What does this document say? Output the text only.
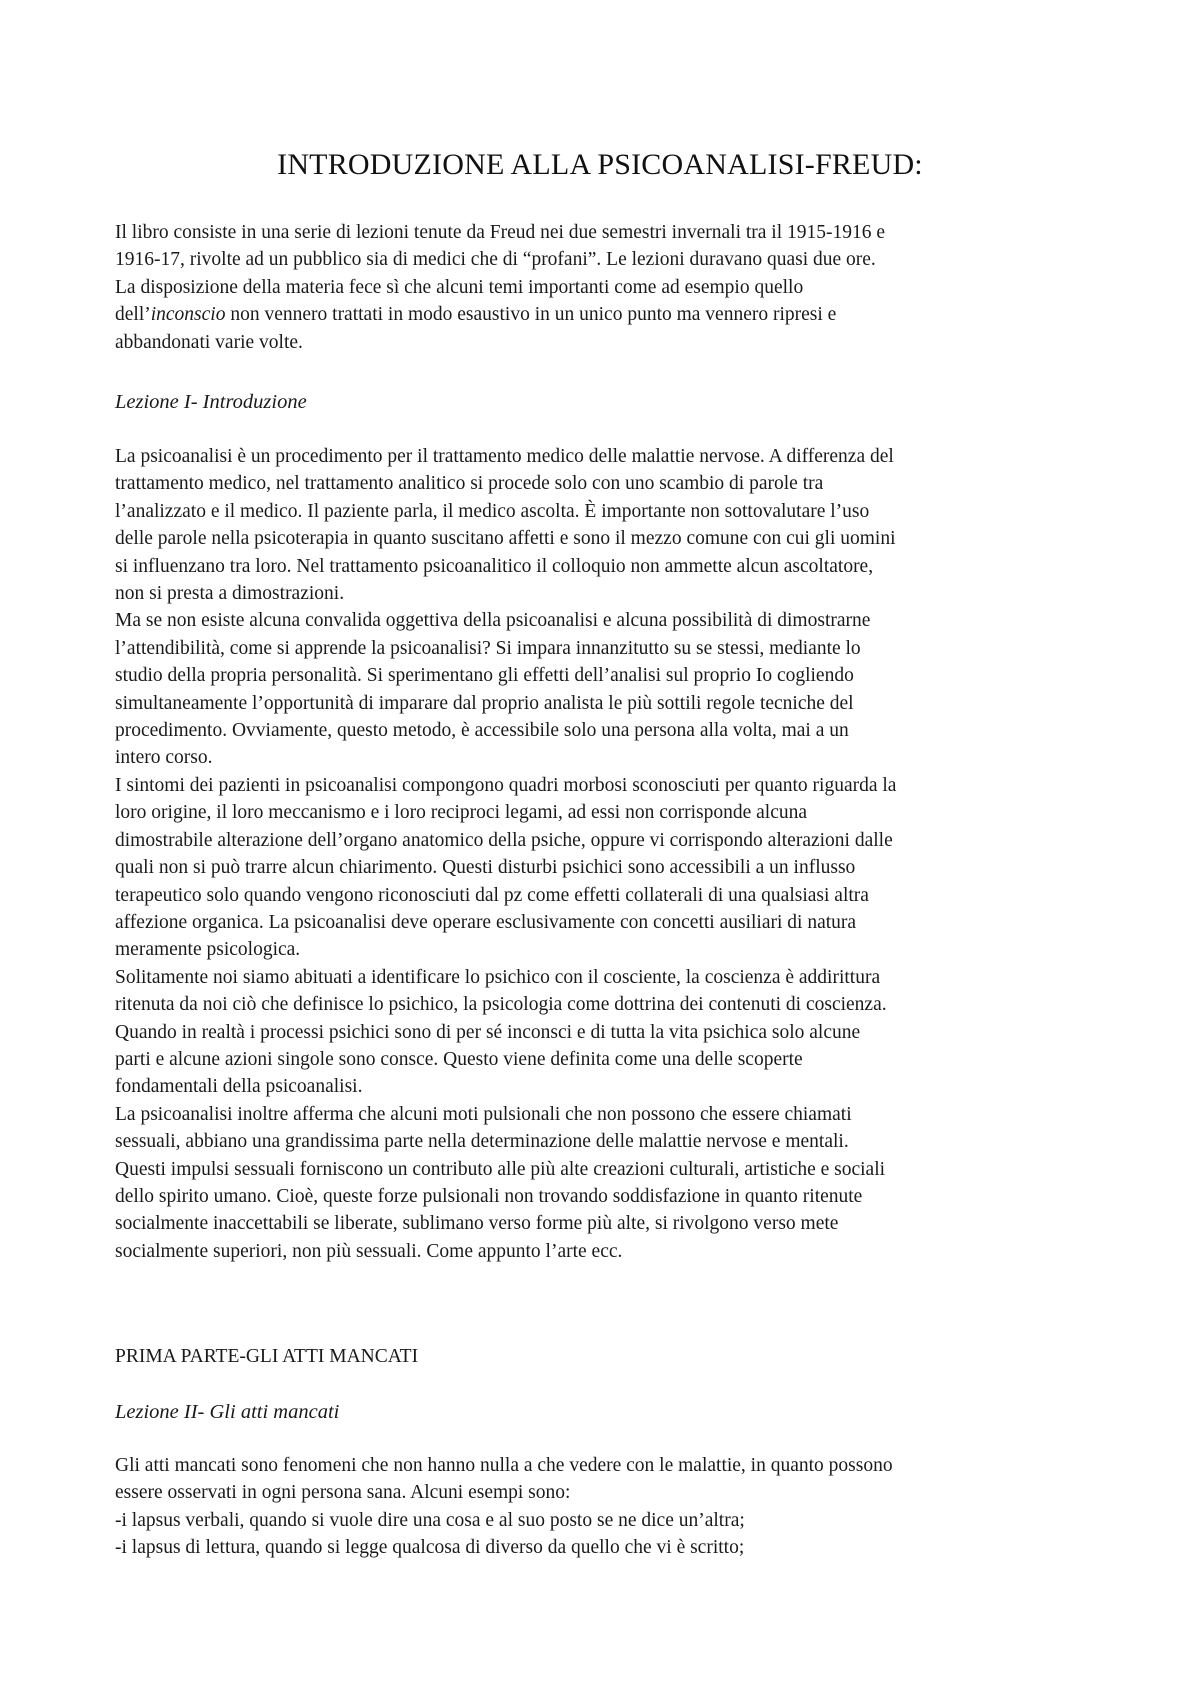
INTRODUZIONE ALLA PSICOANALISI-FREUD:
Il libro consiste in una serie di lezioni tenute da Freud nei due semestri invernali tra il 1915-1916 e
1916-17, rivolte ad un pubblico sia di medici che di “profani”. Le lezioni duravano quasi due ore.
La disposizione della materia fece sì che alcuni temi importanti come ad esempio quello
dell’inconscio non vennero trattati in modo esaustivo in un unico punto ma vennero ripresi e
abbandonati varie volte.
Lezione I- Introduzione
La psicoanalisi è un procedimento per il trattamento medico delle malattie nervose. A differenza del
trattamento medico, nel trattamento analitico si procede solo con uno scambio di parole tra
l’analizzato e il medico. Il paziente parla, il medico ascolta. È importante non sottovalutare l’uso
delle parole nella psicoterapia in quanto suscitano affetti e sono il mezzo comune con cui gli uomini
si influenzano tra loro. Nel trattamento psicoanalitico il colloquio non ammette alcun ascoltatore,
non si presta a dimostrazioni.
Ma se non esiste alcuna convalida oggettiva della psicoanalisi e alcuna possibilità di dimostrarne
l’attendibilità, come si apprende la psicoanalisi? Si impara innanzitutto su se stessi, mediante lo
studio della propria personalità. Si sperimentano gli effetti dell’analisi sul proprio Io cogliendo
simultaneamente l’opportunità di imparare dal proprio analista le più sottili regole tecniche del
procedimento. Ovviamente, questo metodo, è accessibile solo una persona alla volta, mai a un
intero corso.
I sintomi dei pazienti in psicoanalisi compongono quadri morbosi sconosciuti per quanto riguarda la
loro origine, il loro meccanismo e i loro reciproci legami, ad essi non corrisponde alcuna
dimostrabile alterazione dell’organo anatomico della psiche, oppure vi corrispondo alterazioni dalle
quali non si può trarre alcun chiarimento. Questi disturbi psichici sono accessibili a un influsso
terapeutico solo quando vengono riconosciuti dal pz come effetti collaterali di una qualsiasi altra
affezione organica. La psicoanalisi deve operare esclusivamente con concetti ausiliari di natura
meramente psicologica.
Solitamente noi siamo abituati a identificare lo psichico con il cosciente, la coscienza è addirittura
ritenuta da noi ciò che definisce lo psichico, la psicologia come dottrina dei contenuti di coscienza.
Quando in realtà i processi psichici sono di per sé inconsci e di tutta la vita psichica solo alcune
parti e alcune azioni singole sono consce. Questo viene definita come una delle scoperte
fondamentali della psicoanalisi.
La psicoanalisi inoltre afferma che alcuni moti pulsionali che non possono che essere chiamati
sessuali, abbiano una grandissima parte nella determinazione delle malattie nervose e mentali.
Questi impulsi sessuali forniscono un contributo alle più alte creazioni culturali, artistiche e sociali
dello spirito umano. Cioè, queste forze pulsionali non trovando soddisfazione in quanto ritenute
socialmente inaccettabili se liberate, sublimano verso forme più alte, si rivolgono verso mete
socialmente superiori, non più sessuali. Come appunto l’arte ecc.
PRIMA PARTE-GLI ATTI MANCATI
Lezione II- Gli atti mancati
Gli atti mancati sono fenomeni che non hanno nulla a che vedere con le malattie, in quanto possono
essere osservati in ogni persona sana. Alcuni esempi sono:
-i lapsus verbali, quando si vuole dire una cosa e al suo posto se ne dice un’altra;
-i lapsus di lettura, quando si legge qualcosa di diverso da quello che vi è scritto;
